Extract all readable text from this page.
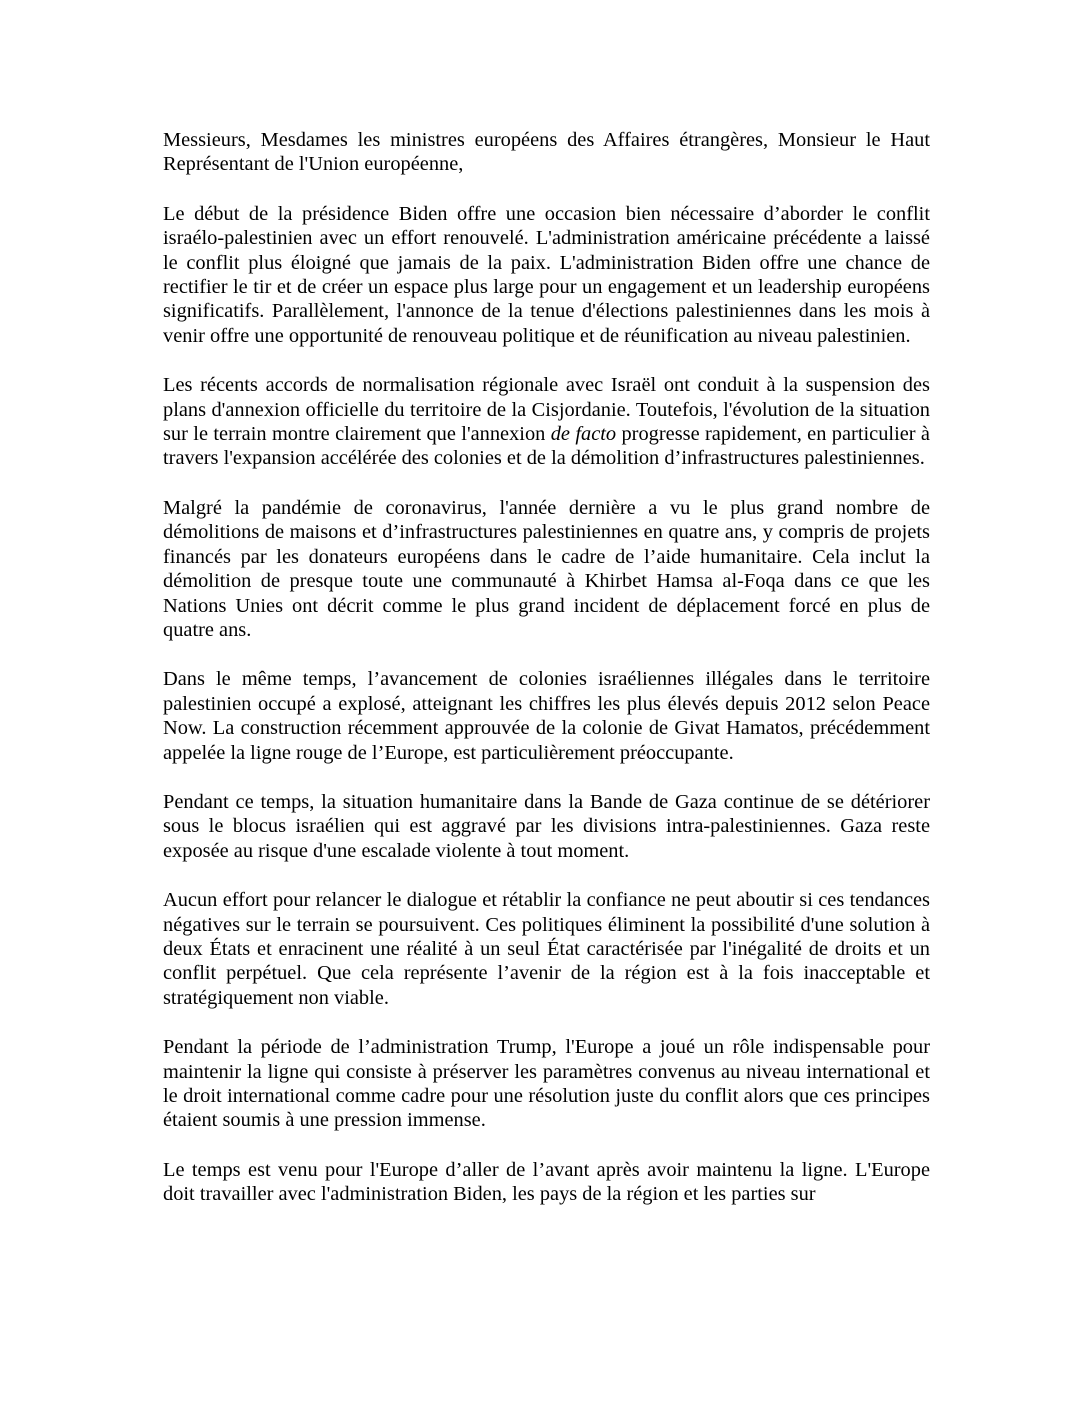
Messieurs, Mesdames les ministres européens des Affaires étrangères, Monsieur le Haut Représentant de l'Union européenne,

Le début de la présidence Biden offre une occasion bien nécessaire d’aborder le conflit israélo-palestinien avec un effort renouvelé. L'administration américaine précédente a laissé le conflit plus éloigné que jamais de la paix. L'administration Biden offre une chance de rectifier le tir et de créer un espace plus large pour un engagement et un leadership européens significatifs. Parallèlement, l'annonce de la tenue d'élections palestiniennes dans les mois à venir offre une opportunité de renouveau politique et de réunification au niveau palestinien.

Les récents accords de normalisation régionale avec Israël ont conduit à la suspension des plans d'annexion officielle du territoire de la Cisjordanie. Toutefois, l'évolution de la situation sur le terrain montre clairement que l'annexion de facto progresse rapidement, en particulier à travers l'expansion accélérée des colonies et de la démolition d’infrastructures palestiniennes.

Malgré la pandémie de coronavirus, l'année dernière a vu le plus grand nombre de démolitions de maisons et d’infrastructures palestiniennes en quatre ans, y compris de projets financés par les donateurs européens dans le cadre de l’aide humanitaire. Cela inclut la démolition de presque toute une communauté à Khirbet Hamsa al-Foqa dans ce que les Nations Unies ont décrit comme le plus grand incident de déplacement forcé en plus de quatre ans.

Dans le même temps, l’avancement de colonies israéliennes illégales dans le territoire palestinien occupé a explosé, atteignant les chiffres les plus élevés depuis 2012 selon Peace Now. La construction récemment approuvée de la colonie de Givat Hamatos, précédemment appelée la ligne rouge de l’Europe, est particulièrement préoccupante.

Pendant ce temps, la situation humanitaire dans la Bande de Gaza continue de se détériorer sous le blocus israélien qui est aggravé par les divisions intra-palestiniennes. Gaza reste exposée au risque d'une escalade violente à tout moment.

Aucun effort pour relancer le dialogue et rétablir la confiance ne peut aboutir si ces tendances négatives sur le terrain se poursuivent. Ces politiques éliminent la possibilité d'une solution à deux États et enracinent une réalité à un seul État caractérisée par l'inégalité de droits et un conflit perpétuel. Que cela représente l’avenir de la région est à la fois inacceptable et stratégiquement non viable.

Pendant la période de l’administration Trump, l'Europe a joué un rôle indispensable pour maintenir la ligne qui consiste à préserver les paramètres convenus au niveau international et le droit international comme cadre pour une résolution juste du conflit alors que ces principes étaient soumis à une pression immense.

Le temps est venu pour l'Europe d’aller de l’avant après avoir maintenu la ligne. L'Europe doit travailler avec l'administration Biden, les pays de la région et les parties sur
